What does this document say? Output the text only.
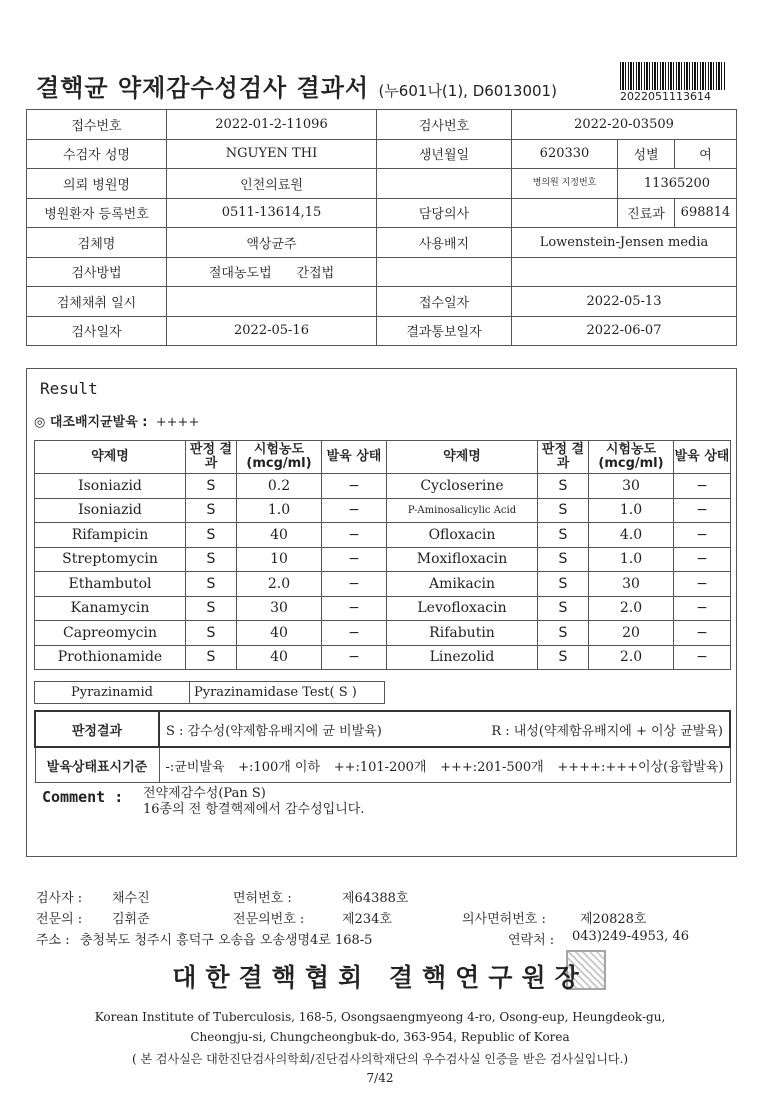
결핵균 약제감수성검사 결과서 (누601나(1), D6013001)	2022051113614
접수번호	2022-01-2-11096	검사번호	2022-20-03509		
수검자 성명	NGUYEN THI	생년월일	620330	성별	여
의뢰 병원명	인천의료원		병의원 지정번호	11365200	
병원환자 등록번호	0511-13614,15	담당의사		진료과	698814
검체명	액상균주	사용배지	Lowenstein-Jensen media		
검사방법	절대농도법 간접법				
검체채취 일시		접수일자	2022-05-13		
검사일자	2022-05-16	결과통보일자	2022-06-07		
Result
◎ 대조배지균발육 : ++++
약제명	판정 결과	시험농도 (mcg/ml)	발육 상태	약제명	판정 결과	시험농도 (mcg/ml)	발육 상태
Isoniazid	S	0.2	−	Cycloserine	S	30	−
Isoniazid	S	1.0	−	P-Aminosalicylic Acid	S	1.0	−
Rifampicin	S	40	−	Ofloxacin	S	4.0	−
Streptomycin	S	10	−	Moxifloxacin	S	1.0	−
Ethambutol	S	2.0	−	Amikacin	S	30	−
Kanamycin	S	30	−	Levofloxacin	S	2.0	−
Capreomycin	S	40	−	Rifabutin	S	20	−
Prothionamide	S	40	−	Linezolid	S	2.0	−
Pyrazinamid	Pyrazinamidase Test( S )
판정결과	S : 감수성(약제함유배지에 균 비발육) R : 내성(약제함유배지에 + 이상 균발육)

발육상태표시기준	-:균비발육 +:100개 이하 ++:101-200개 +++:201-500개 ++++:+++이상(융합발육)
Comment : 전약제감수성(Pan S)
16종의 전 항결핵제에서 감수성입니다.
검사자 : 채수진	면허번호 :	제64388호
전문의 : 김휘준	전문의번호 :	제234호	의사면허번호 :	제20828호
주소 : 충청북도 청주시 흥덕구 오송읍 오송생명4로 168-5	연락처 : 043)249-4953, 46
대한결핵협회 결핵연구원장
Korean Institute of Tuberculosis, 168-5, Osongsaengmyeong 4-ro, Osong-eup, Heungdeok-gu,
Cheongju-si, Chungcheongbuk-do, 363-954, Republic of Korea
( 본 검사실은 대한진단검사의학회/진단검사의학재단의 우수검사실 인증을 받은 검사실입니다.)
7/42
